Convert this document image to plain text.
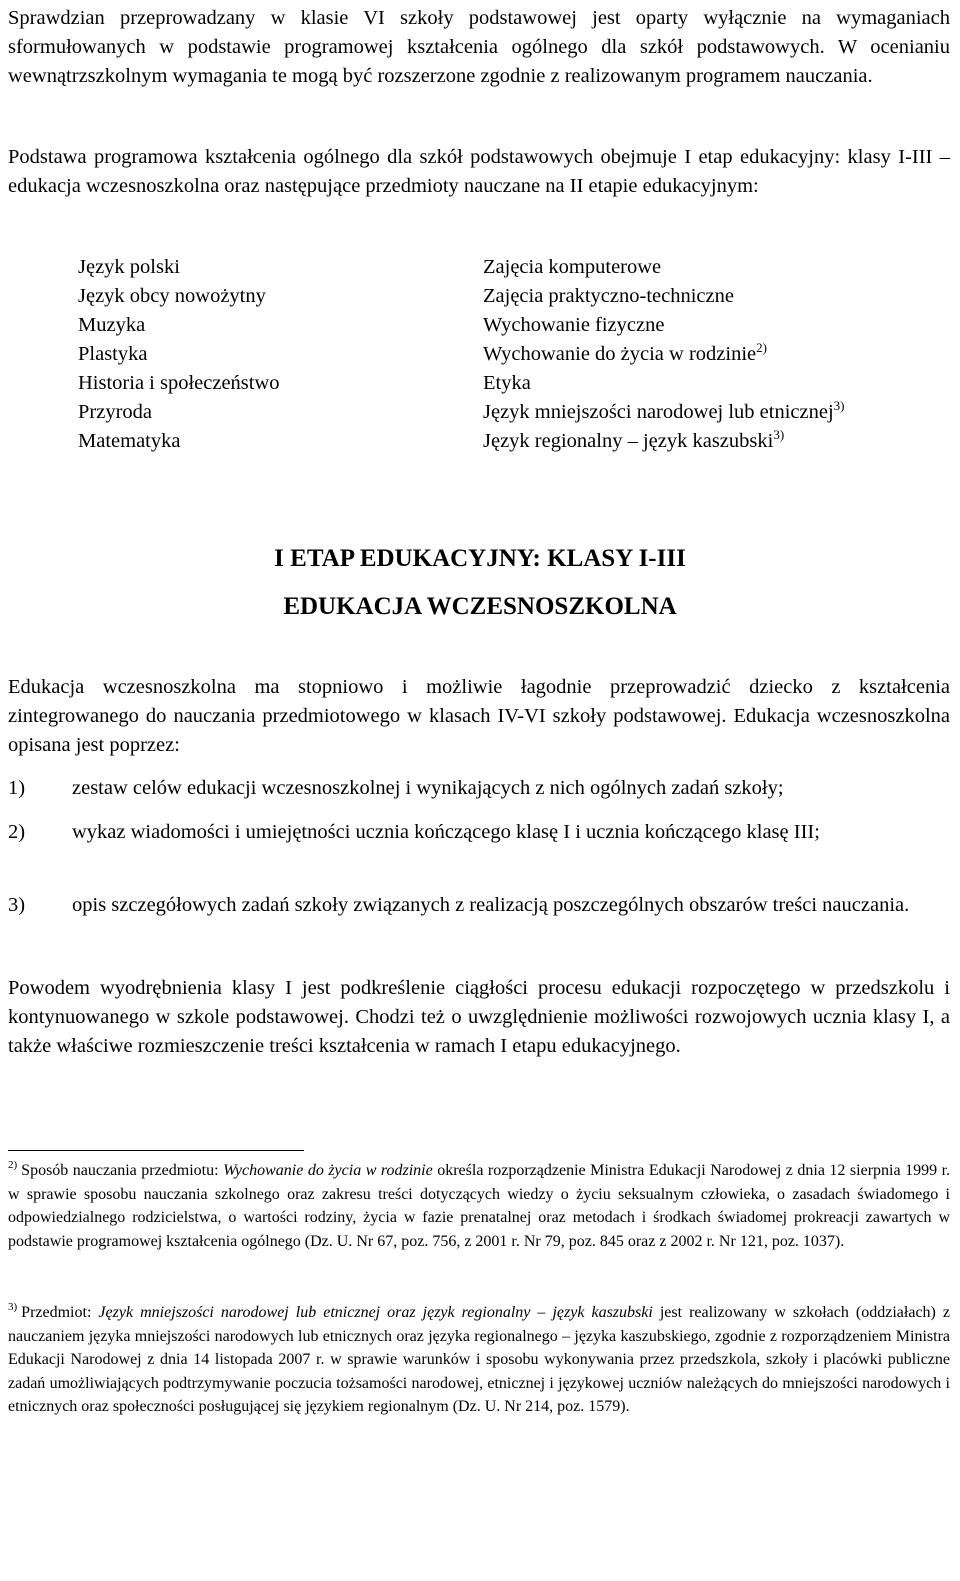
Sprawdzian przeprowadzany w klasie VI szkoły podstawowej jest oparty wyłącznie na wymaganiach sformułowanych w podstawie programowej kształcenia ogólnego dla szkół podstawowych. W ocenianiu wewnątrzszkolnym wymagania te mogą być rozszerzone zgodnie z realizowanym programem nauczania.

Podstawa programowa kształcenia ogólnego dla szkół podstawowych obejmuje I etap edukacyjny: klasy I-III – edukacja wczesnoszkolna oraz następujące przedmioty nauczane na II etapie edukacyjnym:

Język polski	Zajęcia komputerowe
Język obcy nowożytny	Zajęcia praktyczno-techniczne
Muzyka	Wychowanie fizyczne
Plastyka	Wychowanie do życia w rodzinie$^{2)}$
Historia i społeczeństwo	Etyka
Przyroda	Język mniejszości narodowej lub etnicznej$^{3)}$
Matematyka	Język regionalny – język kaszubski$^{3)}$
I ETAP EDUKACYJNY: KLASY I-III
EDUKACJA WCZESNOSZKOLNA

Edukacja wczesnoszkolna ma stopniowo i możliwie łagodnie przeprowadzić dziecko z kształcenia zintegrowanego do nauczania przedmiotowego w klasach IV-VI szkoły podstawowej. Edukacja wczesnoszkolna opisana jest poprzez:

1) zestaw celów edukacji wczesnoszkolnej i wynikających z nich ogólnych zadań szkoły;
2) wykaz wiadomości i umiejętności ucznia kończącego klasę I i ucznia kończącego klasę III;
3) opis szczegółowych zadań szkoły związanych z realizacją poszczególnych obszarów treści nauczania.

Powodem wyodrębnienia klasy I jest podkreślenie ciągłości procesu edukacji rozpoczętego w przedszkolu i kontynuowanego w szkole podstawowej. Chodzi też o uwzględnienie możliwości rozwojowych ucznia klasy I, a także właściwe rozmieszczenie treści kształcenia w ramach I etapu edukacyjnego.

$^{2)}$ Sposób nauczania przedmiotu: Wychowanie do życia w rodzinie określa rozporządzenie Ministra Edukacji Narodowej z dnia 12 sierpnia 1999 r. w sprawie sposobu nauczania szkolnego oraz zakresu treści dotyczących wiedzy o życiu seksualnym człowieka, o zasadach świadomego i odpowiedzialnego rodzicielstwa, o wartości rodziny, życia w fazie prenatalnej oraz metodach i środkach świadomej prokreacji zawartych w podstawie programowej kształcenia ogólnego (Dz. U. Nr 67, poz. 756, z 2001 r. Nr 79, poz. 845 oraz z 2002 r. Nr 121, poz. 1037).
$^{3)}$ Przedmiot: Język mniejszości narodowej lub etnicznej oraz język regionalny – język kaszubski jest realizowany w szkołach (oddziałach) z nauczaniem języka mniejszości narodowych lub etnicznych oraz języka regionalnego – języka kaszubskiego, zgodnie z rozporządzeniem Ministra Edukacji Narodowej z dnia 14 listopada 2007 r. w sprawie warunków i sposobu wykonywania przez przedszkola, szkoły i placówki publiczne zadań umożliwiających podtrzymywanie poczucia tożsamości narodowej, etnicznej i językowej uczniów należących do mniejszości narodowych i etnicznych oraz społeczności posługującej się językiem regionalnym (Dz. U. Nr 214, poz. 1579).
